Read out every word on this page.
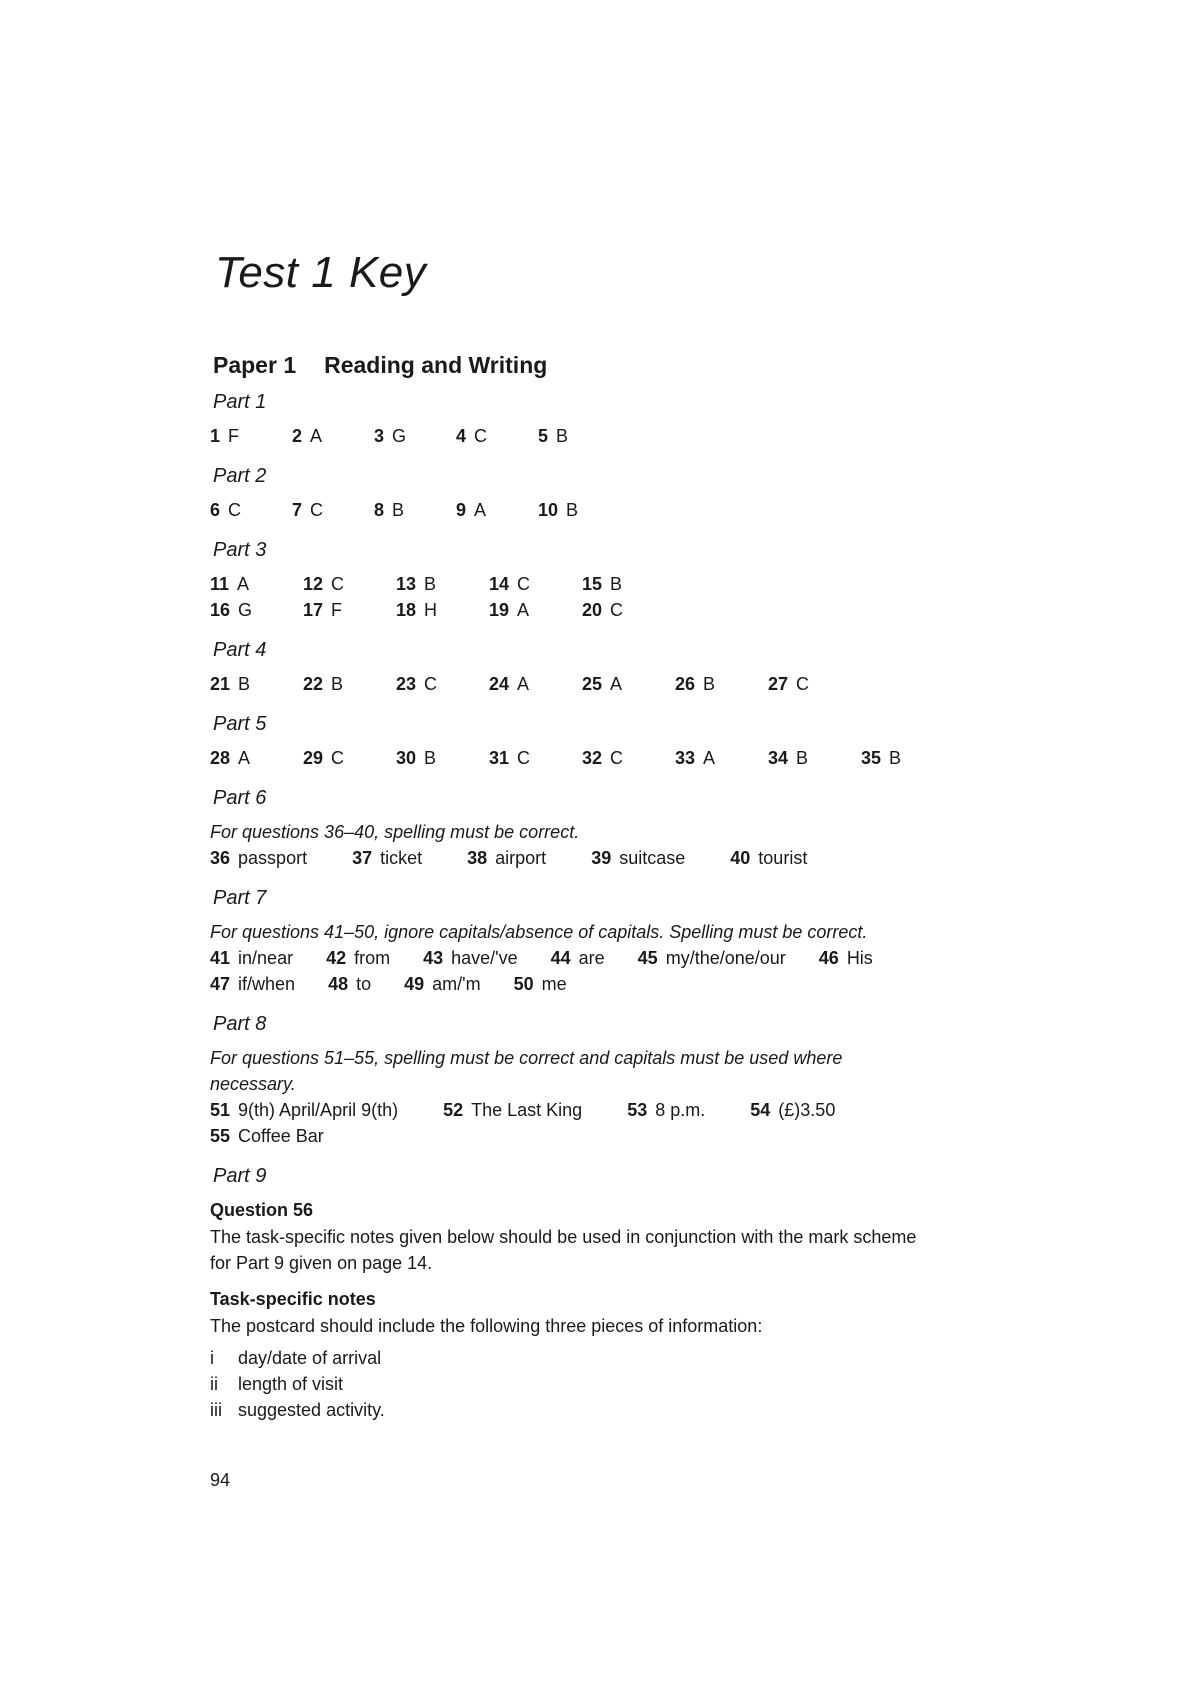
Test 1 Key
Paper 1 Reading and Writing
Part 1
1 F	2 A	3 G	4 C	5 B
Part 2
6 C	7 C	8 B	9 A	10 B
Part 3
11 A	12 C	13 B	14 C	15 B
16 G	17 F	18 H	19 A	20 C
Part 4
21 B	22 B	23 C	24 A	25 A	26 B	27 C
Part 5
28 A	29 C	30 B	31 C	32 C	33 A	34 B	35 B
Part 6
For questions 36–40, spelling must be correct.
36 passport	37 ticket	38 airport	39 suitcase	40 tourist
Part 7
For questions 41–50, ignore capitals/absence of capitals. Spelling must be correct.
41 in/near 42 from 43 have/'ve 44 are 45 my/the/one/our 46 His
47 if/when 48 to 49 am/'m 50 me
Part 8
For questions 51–55, spelling must be correct and capitals must be used where necessary.
51 9(th) April/April 9(th)	52 The Last King	53 8 p.m.	54 (£)3.50
55 Coffee Bar
Part 9
Question 56
The task-specific notes given below should be used in conjunction with the mark scheme for Part 9 given on page 14.
Task-specific notes
The postcard should include the following three pieces of information:
i	day/date of arrival
ii	length of visit
iii suggested activity.
94
